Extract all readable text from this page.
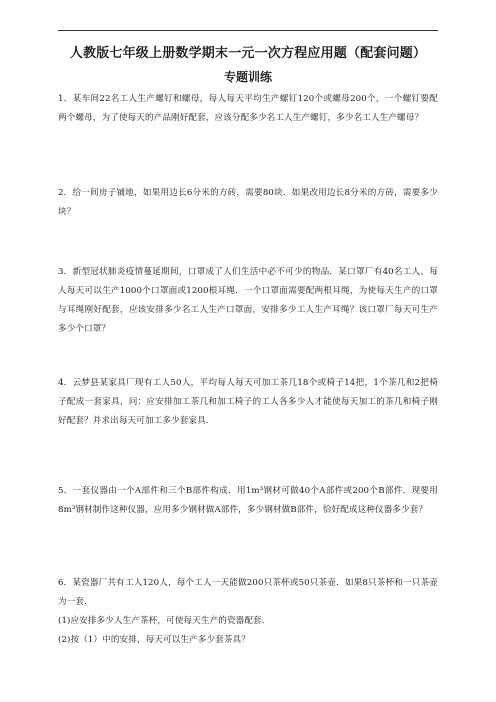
人教版七年级上册数学期末一元一次方程应用题（配套问题）
专题训练

1．某车间22名工人生产螺钉和螺母，每人每天平均生产螺钉120个或螺母200个，一个螺钉要配两个螺母，为了使每天的产品刚好配套，应该分配多少名工人生产螺钉，多少名工人生产螺母？

2．给一间房子铺地，如果用边长6分米的方砖，需要80块．如果改用边长8分米的方砖，需要多少块？

3．新型冠状肺炎疫情蔓延期间，口罩成了人们生活中必不可少的物品．某口罩厂有40名工人，每人每天可以生产1000个口罩面或1200根耳绳．一个口罩面需要配两根耳绳，为使每天生产的口罩与耳绳刚好配套，应该安排多少名工人生产口罩面，安排多少工人生产耳绳？该口罩厂每天可生产多少个口罩？

4．云梦县某家具厂现有工人50人，平均每人每天可加工茶几18个或椅子14把，1个茶几和2把椅子配成一套家具，问：应安排加工茶几和加工椅子的工人各多少人才能使每天加工的茶几和椅子刚好配套？并求出每天可加工多少套家具．

5．一套仪器由一个A部件和三个B部件构成．用1m³钢材可做40个A部件或200个B部件．现要用8m³钢材制作这种仪器，应用多少钢材做A部件，多少钢材做B部件，恰好配成这种仪器多少套？

6．某瓷器厂共有工人120人，每个工人一天能做200只茶杯或50只茶壶．如果8只茶杯和一只茶壶为一套．

(1)应安排多少人生产茶杯，可使每天生产的瓷器配套．

(2)按（1）中的安排，每天可以生产多少套茶具？
